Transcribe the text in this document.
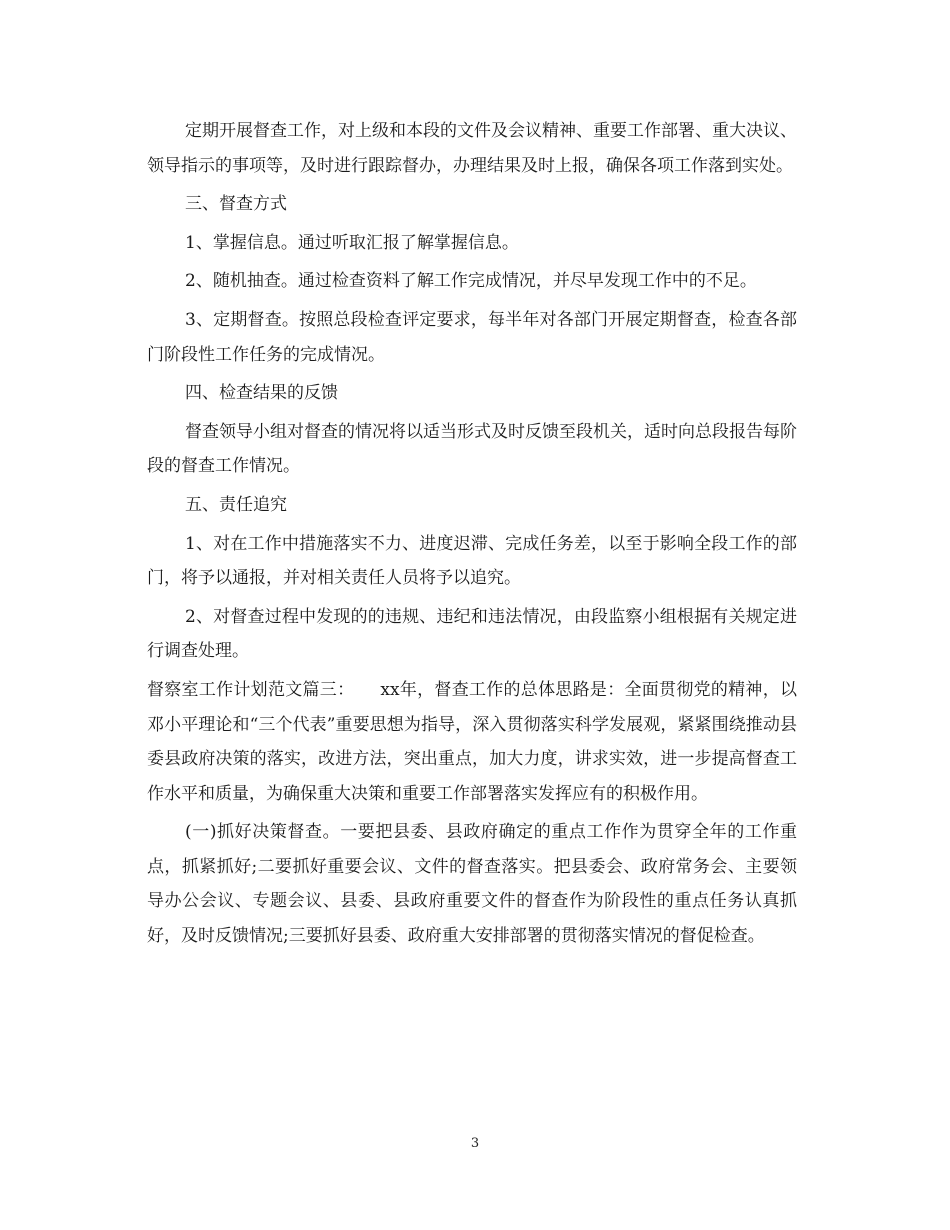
定期开展督查工作，对上级和本段的文件及会议精神、重要工作部署、重大决议、领导指示的事项等，及时进行跟踪督办，办理结果及时上报，确保各项工作落到实处。

三、督查方式

1、掌握信息。通过听取汇报了解掌握信息。

2、随机抽查。通过检查资料了解工作完成情况，并尽早发现工作中的不足。

3、定期督查。按照总段检查评定要求，每半年对各部门开展定期督查，检查各部门阶段性工作任务的完成情况。

四、检查结果的反馈

督查领导小组对督查的情况将以适当形式及时反馈至段机关，适时向总段报告每阶段的督查工作情况。

五、责任追究

1、对在工作中措施落实不力、进度迟滞、完成任务差，以至于影响全段工作的部门，将予以通报，并对相关责任人员将予以追究。

2、对督查过程中发现的的违规、违纪和违法情况，由段监察小组根据有关规定进行调查处理。

督察室工作计划范文篇三：　　xx年，督查工作的总体思路是：全面贯彻党的精神，以邓小平理论和“三个代表”重要思想为指导，深入贯彻落实科学发展观，紧紧围绕推动县委县政府决策的落实，改进方法，突出重点，加大力度，讲求实效，进一步提高督查工作水平和质量，为确保重大决策和重要工作部署落实发挥应有的积极作用。

(一)抓好决策督查。一要把县委、县政府确定的重点工作作为贯穿全年的工作重点，抓紧抓好;二要抓好重要会议、文件的督查落实。把县委会、政府常务会、主要领导办公会议、专题会议、县委、县政府重要文件的督查作为阶段性的重点任务认真抓好，及时反馈情况;三要抓好县委、政府重大安排部署的贯彻落实情况的督促检查。

3
